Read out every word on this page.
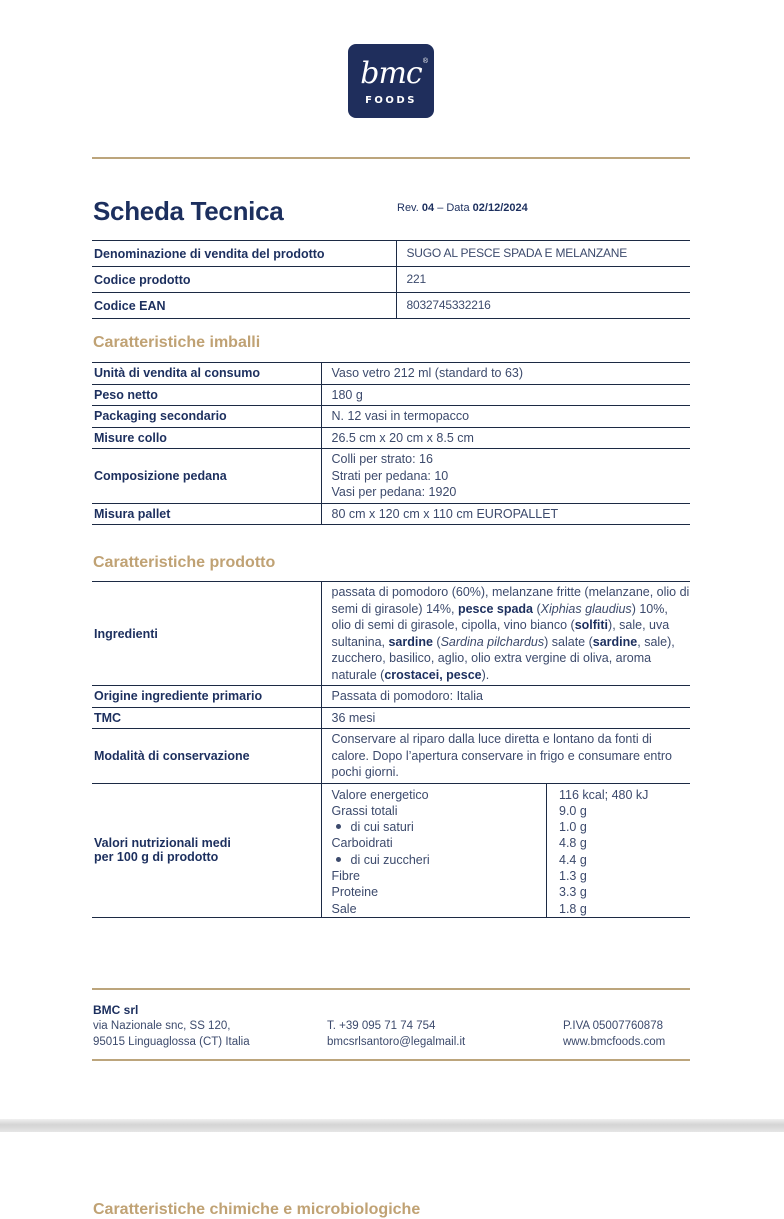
bmc ®
FOODS
Scheda Tecnica	Rev. 04 – Data 02/12/2024
Denominazione di vendita del prodotto	SUGO AL PESCE SPADA E MELANZANE
Codice prodotto	221
Codice EAN	8032745332216
Caratteristiche imballi
Unità di vendita al consumo	Vaso vetro 212 ml (standard to 63)
Peso netto	180 g
Packaging secondario	N. 12 vasi in termopacco
Misure collo	26.5 cm x 20 cm x 8.5 cm
Composizione pedana	Colli per strato: 16
Strati per pedana: 10
Vasi per pedana: 1920

Misura pallet	80 cm x 120 cm x 110 cm EUROPALLET
Caratteristiche prodotto
Ingredienti	passata di pomodoro (60%), melanzane fritte (melanzane, olio di semi di girasole) 14%, pesce spada (Xiphias glaudius) 10%, olio di semi di girasole, cipolla, vino bianco (solfiti), sale, uva sultanina, sardine (Sardina pilchardus) salate (sardine, sale), zucchero, basilico, aglio, olio extra vergine di oliva, aroma naturale (crostacei, pesce).
Origine ingrediente primario	Passata di pomodoro: Italia
TMC	36 mesi
Modalità di conservazione	Conservare al riparo dalla luce diretta e lontano da fonti di calore. Dopo l’apertura conservare in frigo e consumare entro pochi giorni.

Valori nutrizionali medi
per 100 g di prodotto

Valore energetico	116 kcal; 480 kJ
Grassi totali	9.0 g
di cui saturi	1.0 g
Carboidrati	4.8 g
di cui zuccheri	4.4 g
Fibre	1.3 g
Proteine	3.3 g
Sale	1.8 g
BMC srl
via Nazionale snc, SS 120,
95015 Linguaglossa (CT) Italia
T. +39 095 71 74 754
bmcsrlsantoro@legalmail.it
P.IVA 05007760878
www.bmcfoods.com
Caratteristiche chimiche e microbiologiche
